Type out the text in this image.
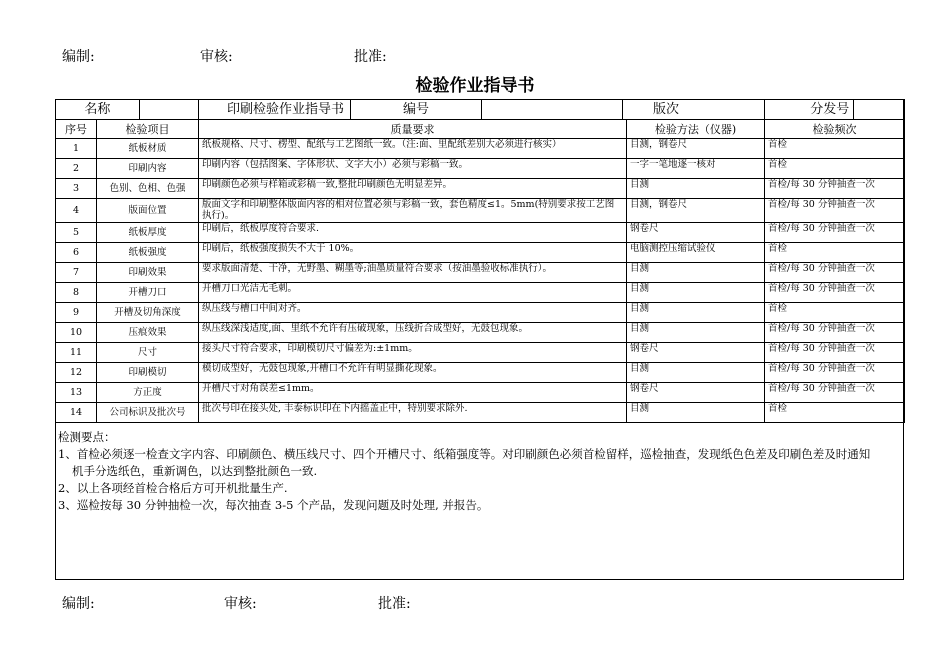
编制:	审核:	批准:
检验作业指导书
名称		印刷检验作业指导书 编号 版次		分发号

序号	检验项目	质量要求	检验方法（仪器)	检验频次
1	纸板材质	纸板规格、尺寸、楞型、配纸与工艺图纸一致。（注:面、里配纸差别大必须进行核实）	目测，钢卷尺	首检
2	印刷内容	印刷内容（包括图案、字体形状、文字大小）必须与彩稿一致。	一字一笔地逐一核对	首检
3	色别、色相、色强	印刷颜色必须与样箱或彩稿一致,整批印刷颜色无明显差异。	目测	首检/每 30 分钟抽查一次
4	版面位置	版面文字和印刷整体版面内容的相对位置必须与彩稿一致，套色精度≤1。5mm(特别要求按工艺图执行)。	目测，钢卷尺	首检/每 30 分钟抽查一次
5	纸板厚度	印刷后，纸板厚度符合要求.	钢卷尺	首检/每 30 分钟抽查一次
6	纸板强度	印刷后，纸板强度损失不大于 10%。	电脑测控压缩试验仪	首检
7	印刷效果	要求版面清楚、干净，无野墨、糊墨等;油墨质量符合要求（按油墨验收标准执行）。	目测	首检/每 30 分钟抽查一次
8	开槽刀口	开槽刀口光洁无毛刺。	目测	首检/每 30 分钟抽查一次
9	开槽及切角深度	纵压线与槽口中间对齐。	目测	首检
10	压痕效果	纵压线深浅适度,面、里纸不允许有压破现象，压线折合成型好，无鼓包现象。	目测	首检/每 30 分钟抽查一次
11	尺寸	接头尺寸符合要求，印刷模切尺寸偏差为:±1mm。	钢卷尺	首检/每 30 分钟抽查一次
12	印刷模切	模切成型好，无鼓包现象,开槽口不允许有明显撕花现象。	目测	首检/每 30 分钟抽查一次
13	方正度	开槽尺寸对角误差≤1mm。	钢卷尺	首检/每 30 分钟抽查一次
14	公司标识及批次号	批次号印在接头处, 丰泰标识印在下内摇盖正中，特别要求除外.	目测	首检

检测要点：

1、首检必须逐一检查文字内容、印刷颜色、横压线尺寸、四个开槽尺寸、纸箱强度等。对印刷颜色必须首检留样，巡检抽查，发现纸色色差及印刷色差及时通知

机手分选纸色，重新调色，以达到整批颜色一致.

2、以上各项经首检合格后方可开机批量生产.

3、巡检按每 30 分钟抽检一次，每次抽查 3-5 个产品，发现问题及时处理, 并报告。

编制:	审核:	批准:
